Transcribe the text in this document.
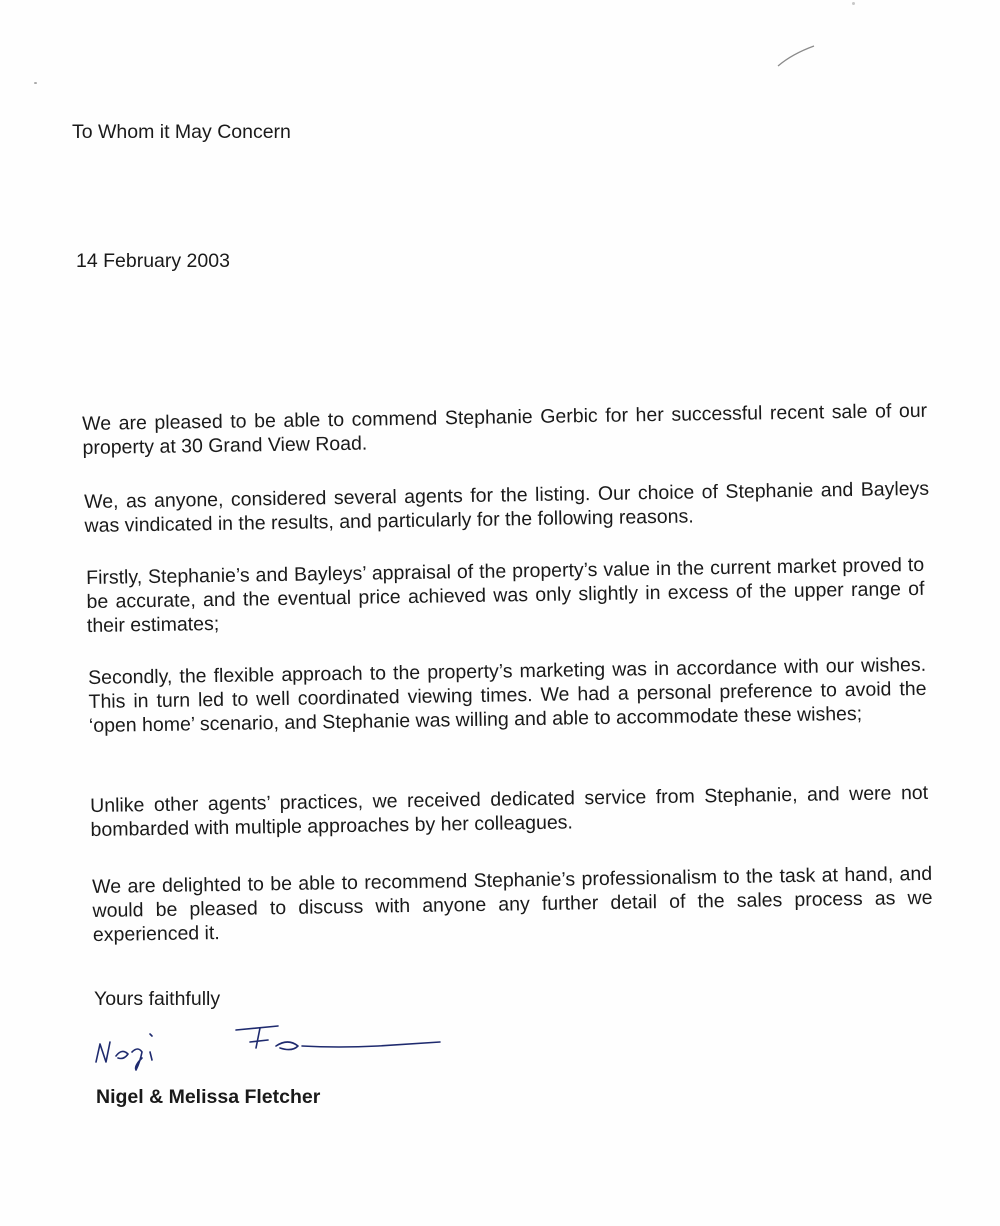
To Whom it May Concern
14 February 2003
We are pleased to be able to commend Stephanie Gerbic for her successful recent sale of our property at 30 Grand View Road.
We, as anyone, considered several agents for the listing. Our choice of Stephanie and Bayleys was vindicated in the results, and particularly for the following reasons.
Firstly, Stephanie’s and Bayleys’ appraisal of the property’s value in the current market proved to be accurate, and the eventual price achieved was only slightly in excess of the upper range of their estimates;
Secondly, the flexible approach to the property’s marketing was in accordance with our wishes. This in turn led to well coordinated viewing times. We had a personal preference to avoid the ‘open home’ scenario, and Stephanie was willing and able to accommodate these wishes;
Unlike other agents’ practices, we received dedicated service from Stephanie, and were not bombarded with multiple approaches by her colleagues.
We are delighted to be able to recommend Stephanie’s professionalism to the task at hand, and would be pleased to discuss with anyone any further detail of the sales process as we experienced it.
Yours faithfully
Nigel & Melissa Fletcher
